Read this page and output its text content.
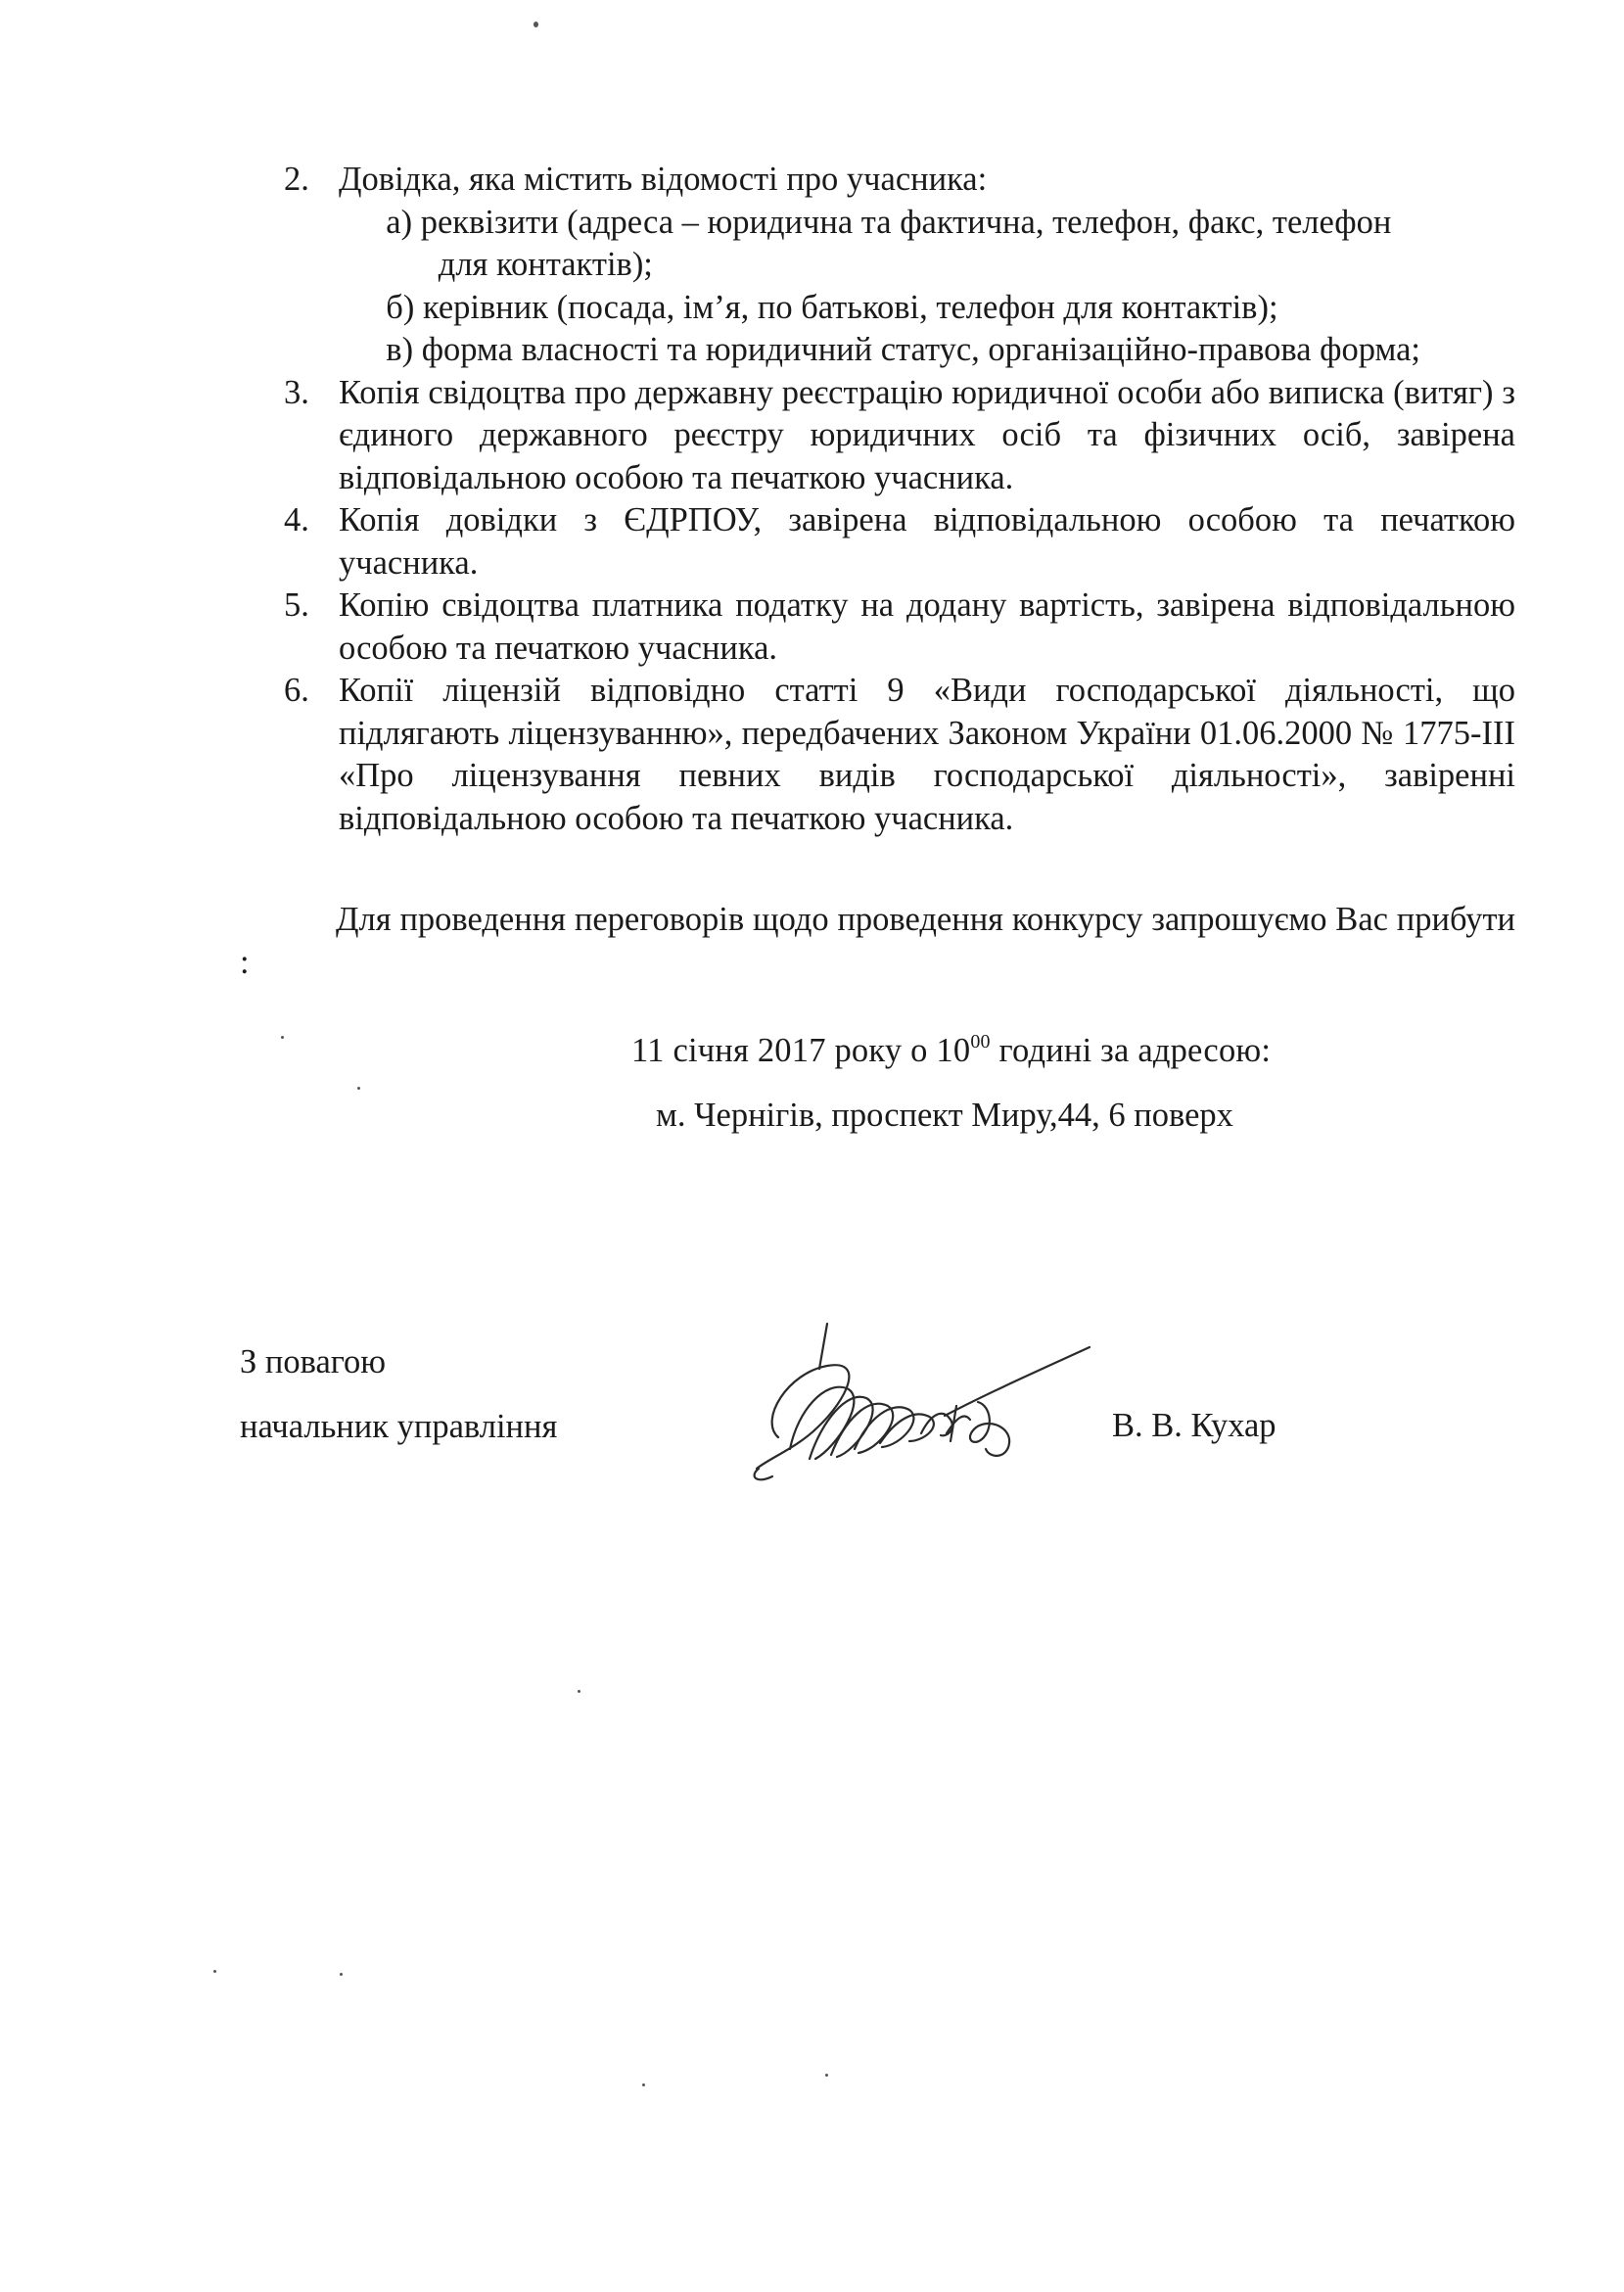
2. Довідка, яка містить відомості про учасника:
а) реквізити (адреса – юридична та фактична, телефон, факс, телефон
для контактів);
б) керівник (посада, ім’я, по батькові, телефон для контактів);
в) форма власності та юридичний статус, організаційно-правова форма;
3. Копія свідоцтва про державну реєстрацію юридичної особи або виписка (витяг) з єдиного державного реєстру юридичних осіб та фізичних осіб, завірена відповідальною особою та печаткою учасника.
4. Копія довідки з ЄДРПОУ, завірена відповідальною особою та печаткою учасника.
5. Копію свідоцтва платника податку на додану вартість, завірена відповідальною особою та печаткою учасника.
6. Копії ліцензій відповідно статті 9 «Види господарської діяльності, що підлягають ліцензуванню», передбачених Законом України 01.06.2000 № 1775-ІІІ «Про ліцензування певних видів господарської діяльності», завіренні відповідальною особою та печаткою учасника.
Для проведення переговорів щодо проведення конкурсу запрошуємо Вас прибути :
11 січня 2017 року о $10^{00}$ годині за адресою:
м. Чернігів, проспект Миру,44, 6 поверх
З повагою
начальник управління	В. В. Кухар
